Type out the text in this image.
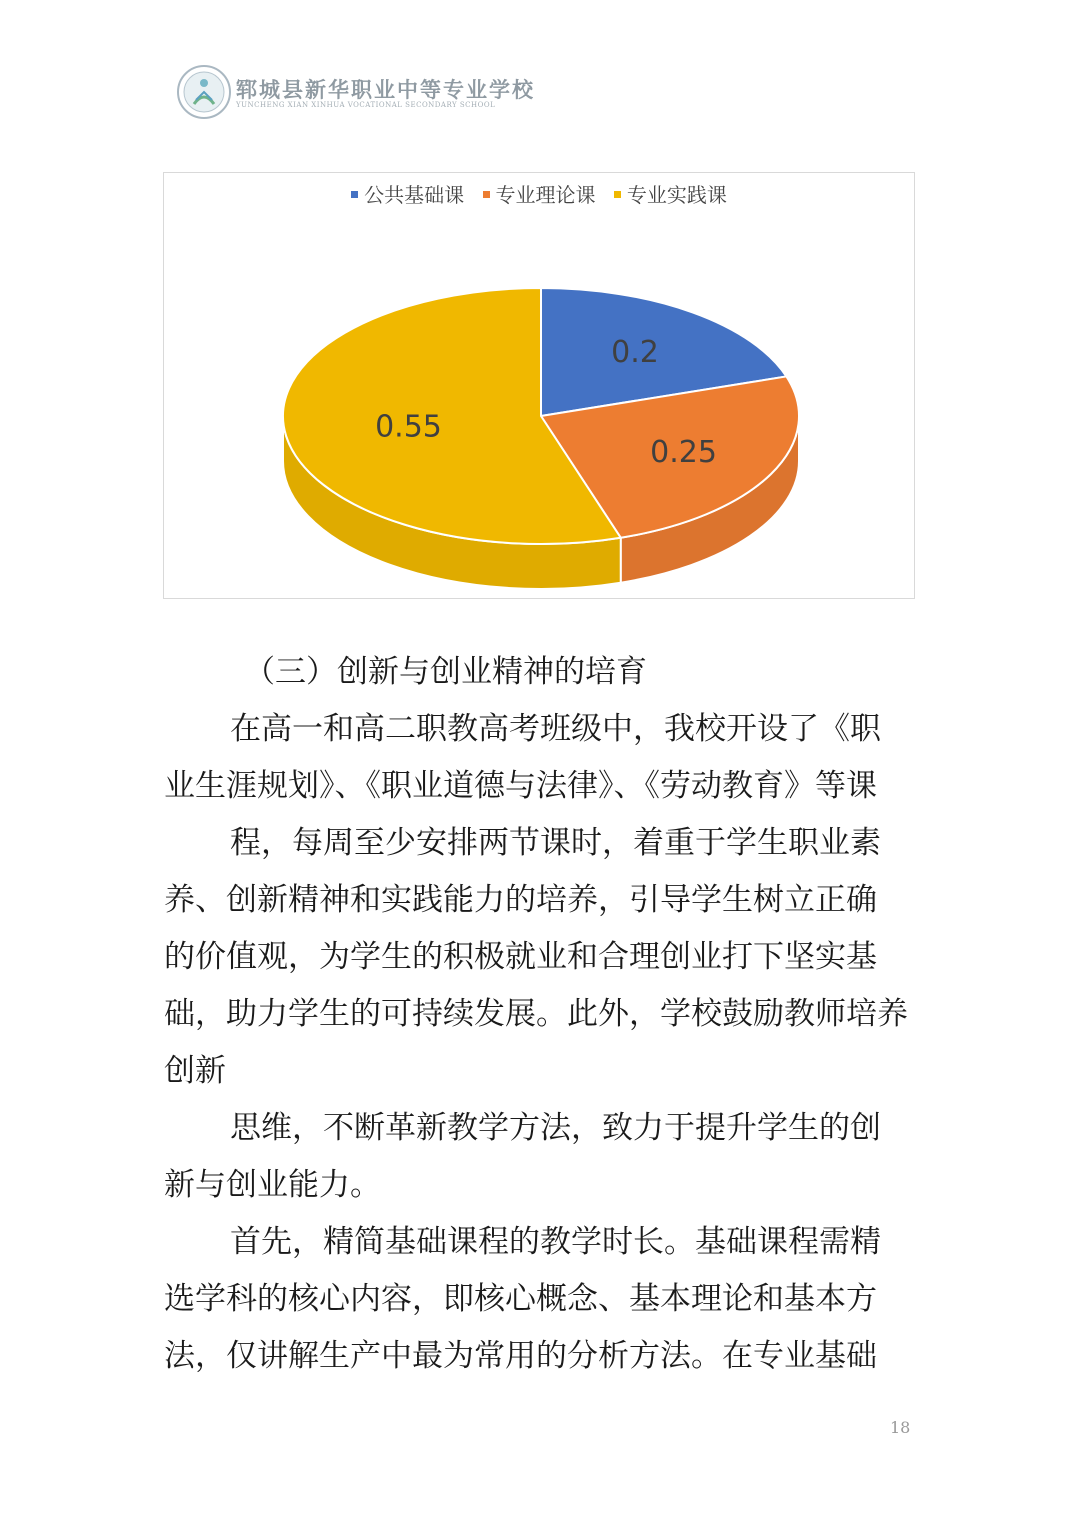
郓城县新华职业中等专业学校
YUNCHENG XIAN XINHUA VOCATIONAL SECONDARY SCHOOL
公共基础课 专业理论课 专业实践课
0.2
0.25
0.55
（三）创新与创业精神的培育
在高一和高二职教高考班级中，我校开设了《职
业生涯规划》、《职业道德与法律》、《劳动教育》等课
程，每周至少安排两节课时，着重于学生职业素
养、创新精神和实践能力的培养，引导学生树立正确
的价值观，为学生的积极就业和合理创业打下坚实基
础，助力学生的可持续发展。此外，学校鼓励教师培养
创新
思维，不断革新教学方法，致力于提升学生的创
新与创业能力。
首先，精简基础课程的教学时长。基础课程需精
选学科的核心内容，即核心概念、基本理论和基本方
法，仅讲解生产中最为常用的分析方法。在专业基础
18
